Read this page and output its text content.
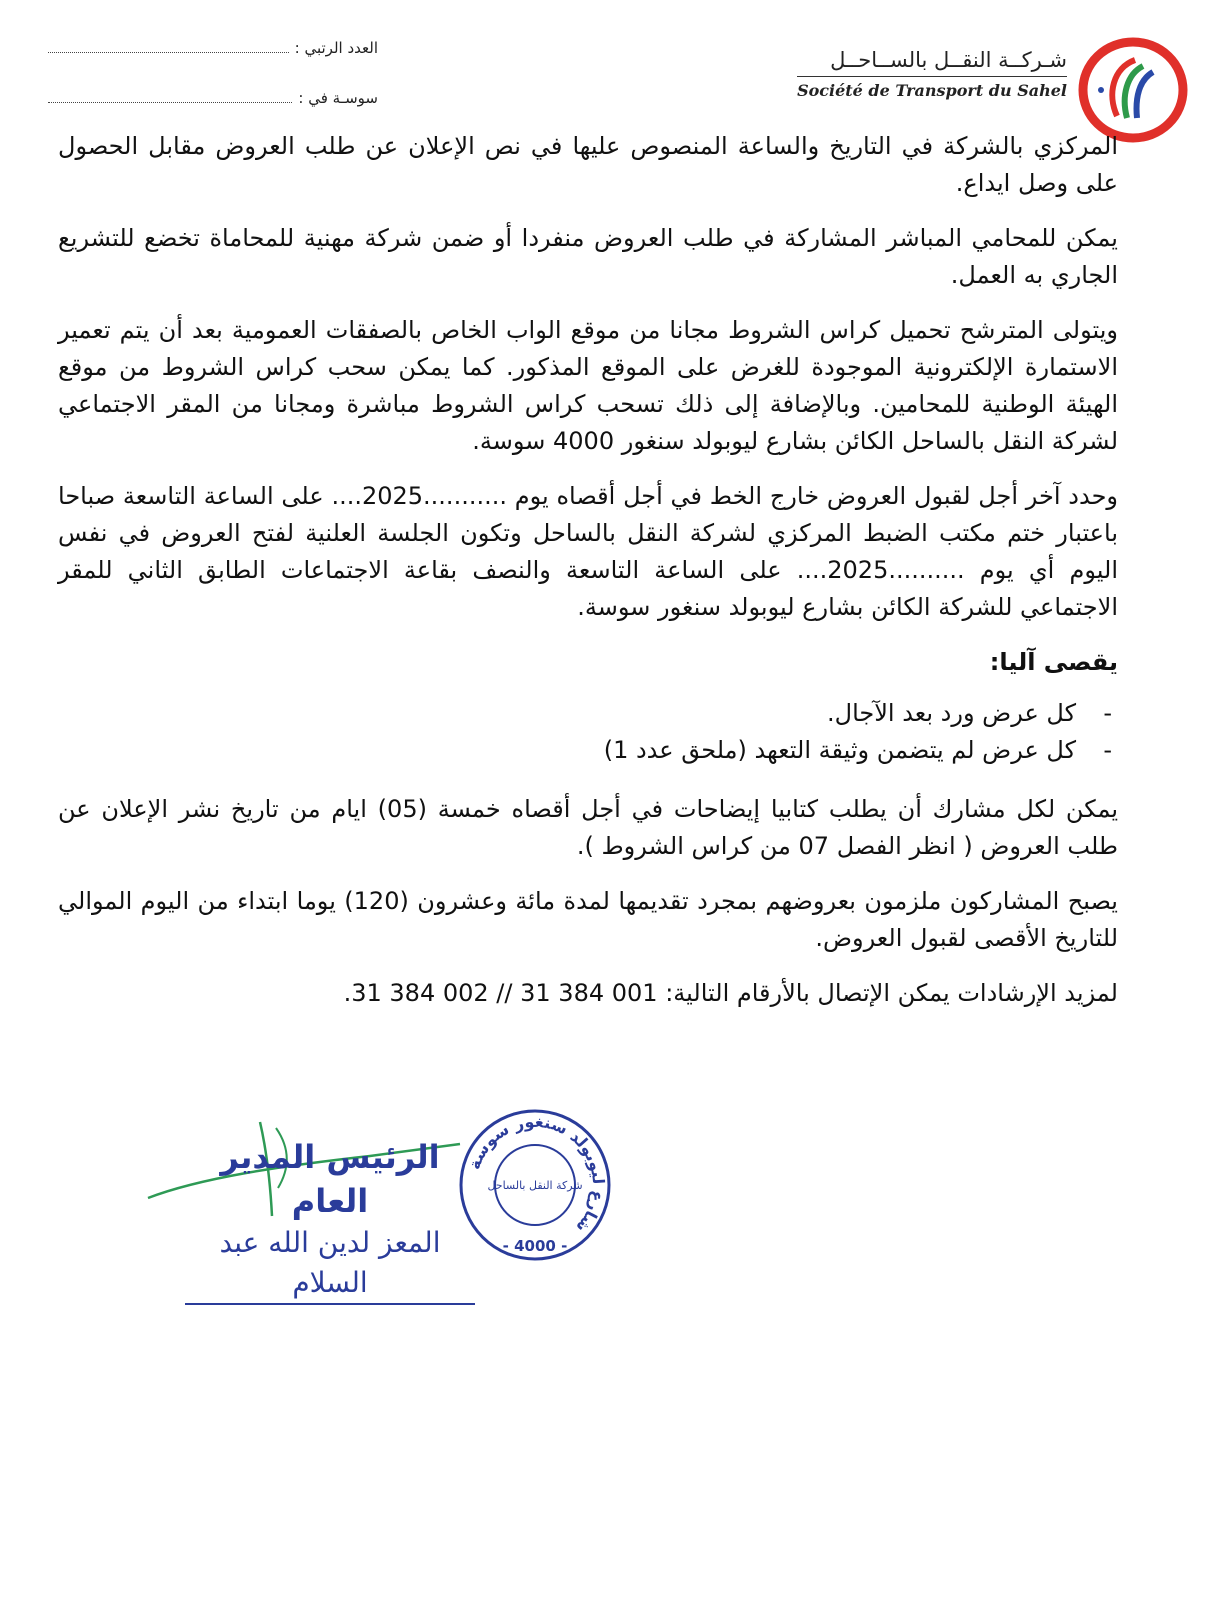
العدد الرتبي :
سوسـة في :
شـركــة النقــل بالســاحــل
Société de Transport du Sahel

المركزي بالشركة في التاريخ والساعة المنصوص عليها في نص الإعلان عن طلب العروض مقابل الحصول على وصل ايداع.

يمكن للمحامي المباشر المشاركة في طلب العروض منفردا أو ضمن شركة مهنية للمحاماة تخضع للتشريع الجاري به العمل.

ويتولى المترشح تحميل كراس الشروط مجانا من موقع الواب الخاص بالصفقات العمومية بعد أن يتم تعمير الاستمارة الإلكترونية الموجودة للغرض على الموقع المذكور. كما يمكن سحب كراس الشروط من موقع الهيئة الوطنية للمحامين. وبالإضافة إلى ذلك تسحب كراس الشروط مباشرة ومجانا من المقر الاجتماعي لشركة النقل بالساحل الكائن بشارع ليوبولد سنغور 4000 سوسة.

وحدد آخر أجل لقبول العروض خارج الخط في أجل أقصاه يوم ...........2025.... على الساعة التاسعة صباحا باعتبار ختم مكتب الضبط المركزي لشركة النقل بالساحل وتكون الجلسة العلنية لفتح العروض في نفس اليوم أي يوم ..........2025.... على الساعة التاسعة والنصف بقاعة الاجتماعات الطابق الثاني للمقر الاجتماعي للشركة الكائن بشارع ليوبولد سنغور سوسة.

يقصى آليا:
-
كل عرض ورد بعد الآجال.
-
كل عرض لم يتضمن وثيقة التعهد (ملحق عدد 1)

يمكن لكل مشارك أن يطلب كتابيا إيضاحات في أجل أقصاه خمسة (05) ايام من تاريخ نشر الإعلان عن طلب العروض ( انظر الفصل 07 من كراس الشروط ).

يصبح المشاركون ملزمون بعروضهم بمجرد تقديمها لمدة مائة وعشرون (120) يوما ابتداء من اليوم الموالي للتاريخ الأقصى لقبول العروض.

لمزيد الإرشادات يمكن الإتصال بالأرقام التالية: 001 384 31 // 002 384 31.

الرئيس المدير العام
المعز لدين الله عبد السلام
شارع ليوبولد سنغور سوسة
شركة النقل بالساحل
- 4000 -
